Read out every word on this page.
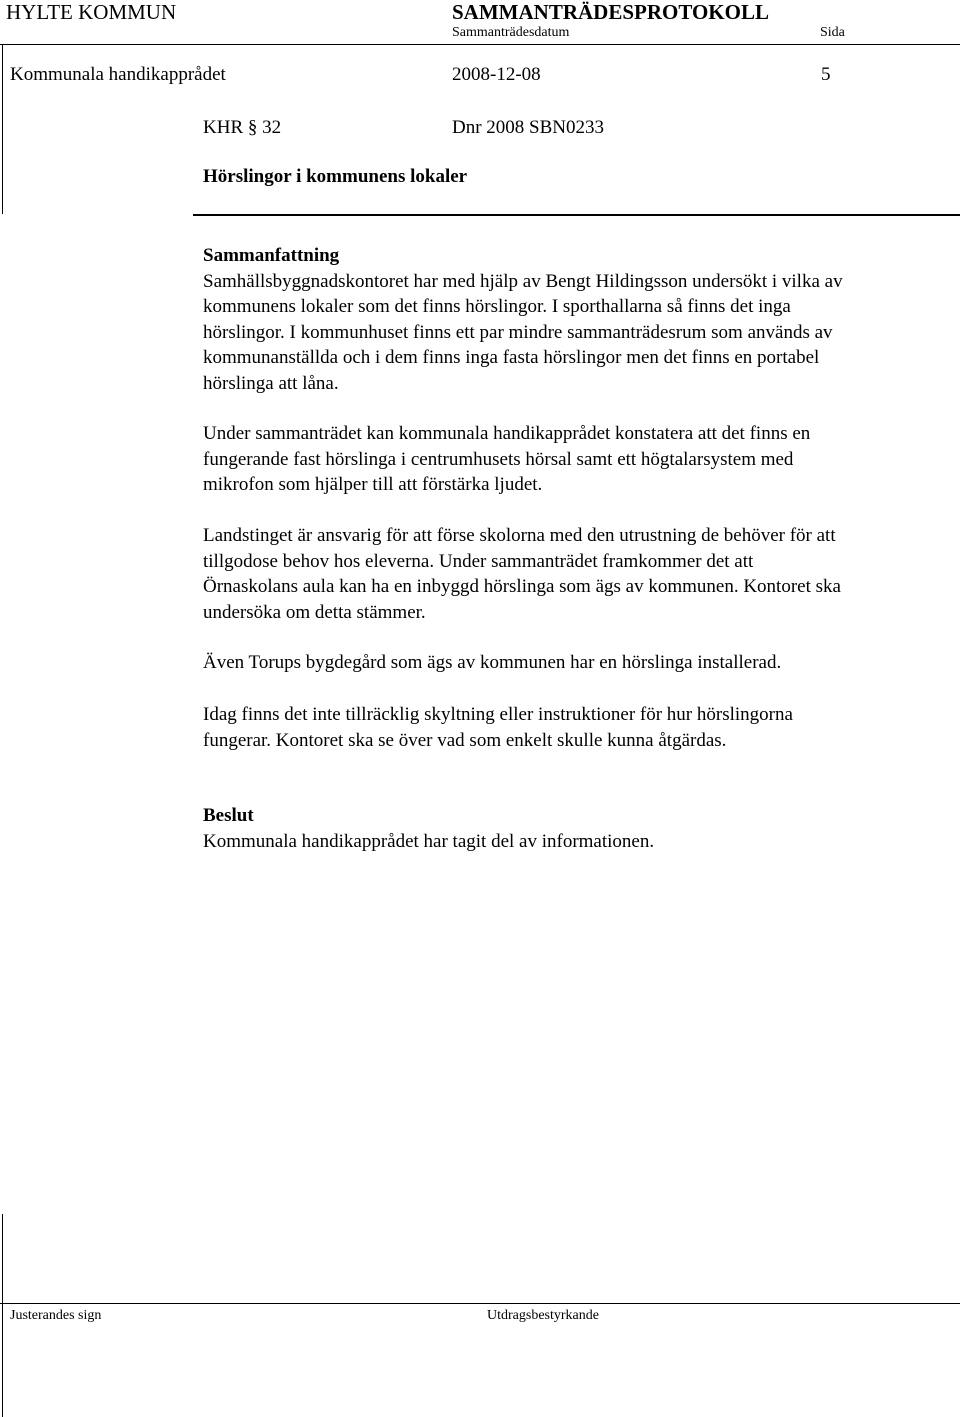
HYLTE KOMMUN	SAMMANTRÄDESPROTOKOLL
Sammanträdesdatum	Sida
Kommunala handikapprådet	2008-12-08	5
KHR § 32	Dnr 2008 SBN0233
Hörslingor i kommunens lokaler

Sammanfattning

Samhällsbyggnadskontoret har med hjälp av Bengt Hildingsson undersökt i vilka av

kommunens lokaler som det finns hörslingor. I sporthallarna så finns det inga

hörslingor. I kommunhuset finns ett par mindre sammanträdesrum som används av

kommunanställda och i dem finns inga fasta hörslingor men det finns en portabel

hörslinga att låna.

Under sammanträdet kan kommunala handikapprådet konstatera att det finns en

fungerande fast hörslinga i centrumhusets hörsal samt ett högtalarsystem med

mikrofon som hjälper till att förstärka ljudet.

Landstinget är ansvarig för att förse skolorna med den utrustning de behöver för att

tillgodose behov hos eleverna. Under sammanträdet framkommer det att

Örnaskolans aula kan ha en inbyggd hörslinga som ägs av kommunen. Kontoret ska

undersöka om detta stämmer.

Även Torups bygdegård som ägs av kommunen har en hörslinga installerad.

Idag finns det inte tillräcklig skyltning eller instruktioner för hur hörslingorna

fungerar. Kontoret ska se över vad som enkelt skulle kunna åtgärdas.

Beslut

Kommunala handikapprådet har tagit del av informationen.

Justerandes sign	Utdragsbestyrkande
